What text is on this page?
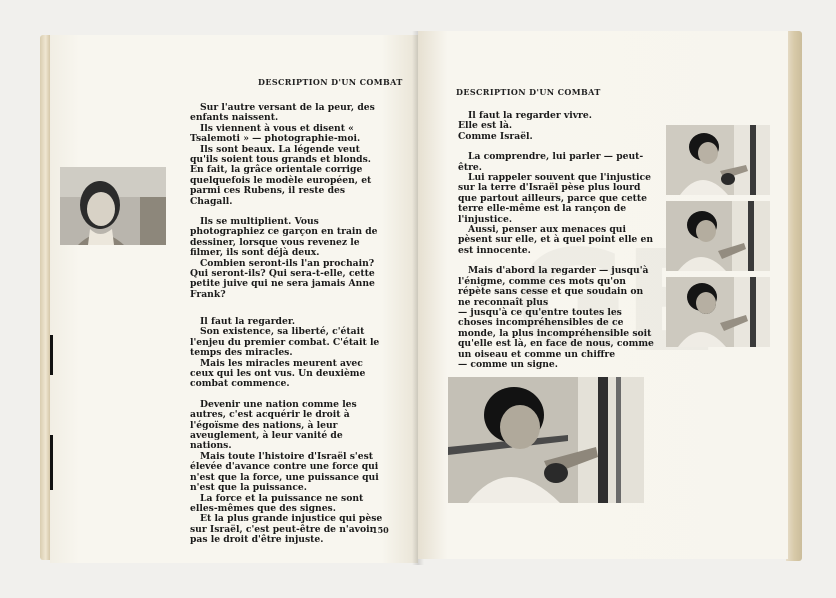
DESCRIPTION D'UN COMBAT

Sur l'autre versant de la peur, des enfants naissent.

Ils viennent à vous et disent « Tsalemoti » — photographie-moi.

Ils sont beaux. La légende veut qu'ils soient tous grands et blonds. En fait, la grâce orientale corrige quelquefois le modèle européen, et parmi ces Rubens, il reste des Chagall.

Ils se multiplient. Vous photographiez ce garçon en train de dessiner, lorsque vous revenez le filmer, ils sont déjà deux.

Combien seront-ils l'an prochain? Qui seront-ils? Qui sera-t-elle, cette petite juive qui ne sera jamais Anne Frank?

Il faut la regarder.

Son existence, sa liberté, c'était l'enjeu du premier combat. C'était le temps des miracles.

Mais les miracles meurent avec ceux qui les ont vus. Un deuxième combat commence.

Devenir une nation comme les autres, c'est acquérir le droit à l'égoïsme des nations, à leur aveuglement, à leur vanité de nations.

Mais toute l'histoire d'Israël s'est élevée d'avance contre une force qui n'est que la force, une puissance qui n'est que la puissance.

La force et la puissance ne sont elles-mêmes que des signes.

Et la plus grande injustice qui pèse sur Israël, c'est peut-être de n'avoir pas le droit d'être injuste.

150
DESCRIPTION D'UN COMBAT

Il faut la regarder vivre.

Elle est là.

Comme Israël.

La comprendre, lui parler — peut-être.

Lui rappeler souvent que l'injustice sur la terre d'Israël pèse plus lourd que partout ailleurs, parce que cette terre elle-même est la rançon de l'injustice.

Aussi, penser aux menaces qui pèsent sur elle, et à quel point elle en est innocente.

Mais d'abord la regarder — jusqu'à l'énigme, comme ces mots qu'on répète sans cesse et que soudain on ne reconnaît plus

— jusqu'à ce qu'entre toutes les choses incompréhensibles de ce monde, la plus incompréhensible soit qu'elle est là, en face de nous, comme un oiseau et comme un chiffre

— comme un signe.
